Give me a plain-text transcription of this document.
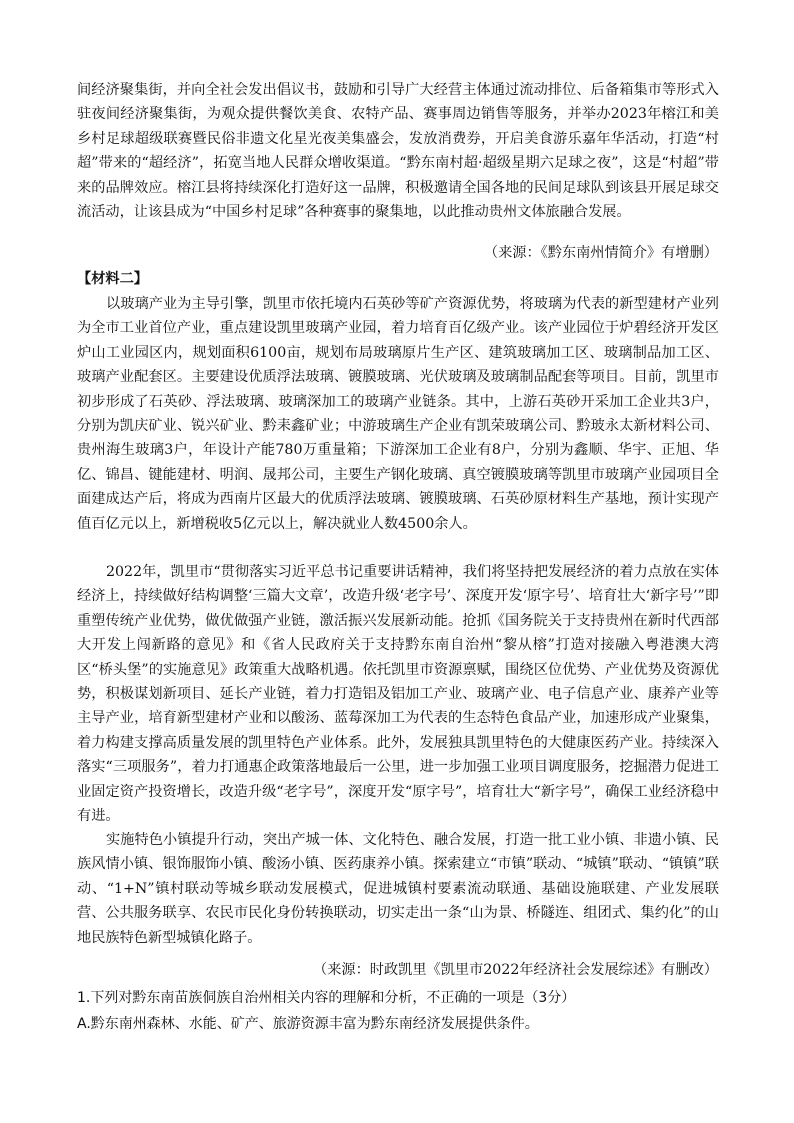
间经济聚集街，并向全社会发出倡议书，鼓励和引导广大经营主体通过流动排位、后备箱集市等形式入驻夜间经济聚集街，为观众提供餐饮美食、农特产品、赛事周边销售等服务，并举办2023年榕江和美乡村足球超级联赛暨民俗非遗文化星光夜美集盛会，发放消费券，开启美食游乐嘉年华活动，打造“村超”带来的“超经济”，拓宽当地人民群众增收渠道。“黔东南村超·超级星期六足球之夜”，这是“村超”带来的品牌效应。榕江县将持续深化打造好这一品牌，积极邀请全国各地的民间足球队到该县开展足球交流活动，让该县成为“中国乡村足球”各种赛事的聚集地，以此推动贵州文体旅融合发展。

（来源：《黔东南州情简介》有增删）

【材料二】

以玻璃产业为主导引擎，凯里市依托境内石英砂等矿产资源优势，将玻璃为代表的新型建材产业列为全市工业首位产业，重点建设凯里玻璃产业园，着力培育百亿级产业。该产业园位于炉碧经济开发区炉山工业园区内，规划面积6100亩，规划布局玻璃原片生产区、建筑玻璃加工区、玻璃制品加工区、玻璃产业配套区。主要建设优质浮法玻璃、镀膜玻璃、光伏玻璃及玻璃制品配套等项目。目前，凯里市初步形成了石英砂、浮法玻璃、玻璃深加工的玻璃产业链条。其中，上游石英砂开采加工企业共3户，分别为凯庆矿业、锐兴矿业、黔耒鑫矿业；中游玻璃生产企业有凯荣玻璃公司、黔玻永太新材料公司、贵州海生玻璃3户，年设计产能780万重量箱；下游深加工企业有8户，分别为鑫顺、华宇、正旭、华亿、锦昌、键能建材、明润、晟邦公司，主要生产钢化玻璃、真空镀膜玻璃等凯里市玻璃产业园项目全面建成达产后，将成为西南片区最大的优质浮法玻璃、镀膜玻璃、石英砂原材料生产基地，预计实现产值百亿元以上，新增税收5亿元以上，解决就业人数4500余人。

2022年，凯里市“贯彻落实习近平总书记重要讲话精神，我们将坚持把发展经济的着力点放在实体经济上，持续做好结构调整‘三篇大文章’，改造升级‘老字号’、深度开发‘原字号’、培育壮大‘新字号’”即重塑传统产业优势，做优做强产业链，激活振兴发展新动能。抢抓《国务院关于支持贵州在新时代西部大开发上闯新路的意见》和《省人民政府关于支持黔东南自治州“黎从榕”打造对接融入粤港澳大湾区“桥头堡”的实施意见》政策重大战略机遇。依托凯里市资源禀赋，围绕区位优势、产业优势及资源优势，积极谋划新项目、延长产业链，着力打造铝及铝加工产业、玻璃产业、电子信息产业、康养产业等主导产业，培育新型建材产业和以酸汤、蓝莓深加工为代表的生态特色食品产业，加速形成产业聚集，着力构建支撑高质量发展的凯里特色产业体系。此外，发展独具凯里特色的大健康医药产业。持续深入落实“三项服务”，着力打通惠企政策落地最后一公里，进一步加强工业项目调度服务，挖掘潜力促进工业固定资产投资增长，改造升级“老字号”，深度开发“原字号”，培育壮大“新字号”，确保工业经济稳中有进。

实施特色小镇提升行动，突出产城一体、文化特色、融合发展，打造一批工业小镇、非遗小镇、民族风情小镇、银饰服饰小镇、酸汤小镇、医药康养小镇。探索建立“市镇”联动、“城镇”联动、“镇镇”联动、“1+N”镇村联动等城乡联动发展模式，促进城镇村要素流动联通、基础设施联建、产业发展联营、公共服务联享、农民市民化身份转换联动，切实走出一条“山为景、桥隧连、组团式、集约化”的山地民族特色新型城镇化路子。

（来源：时政凯里《凯里市2022年经济社会发展综述》有删改）

1.下列对黔东南苗族侗族自治州相关内容的理解和分析，不正确的一项是（3分）

A.黔东南州森林、水能、矿产、旅游资源丰富为黔东南经济发展提供条件。
